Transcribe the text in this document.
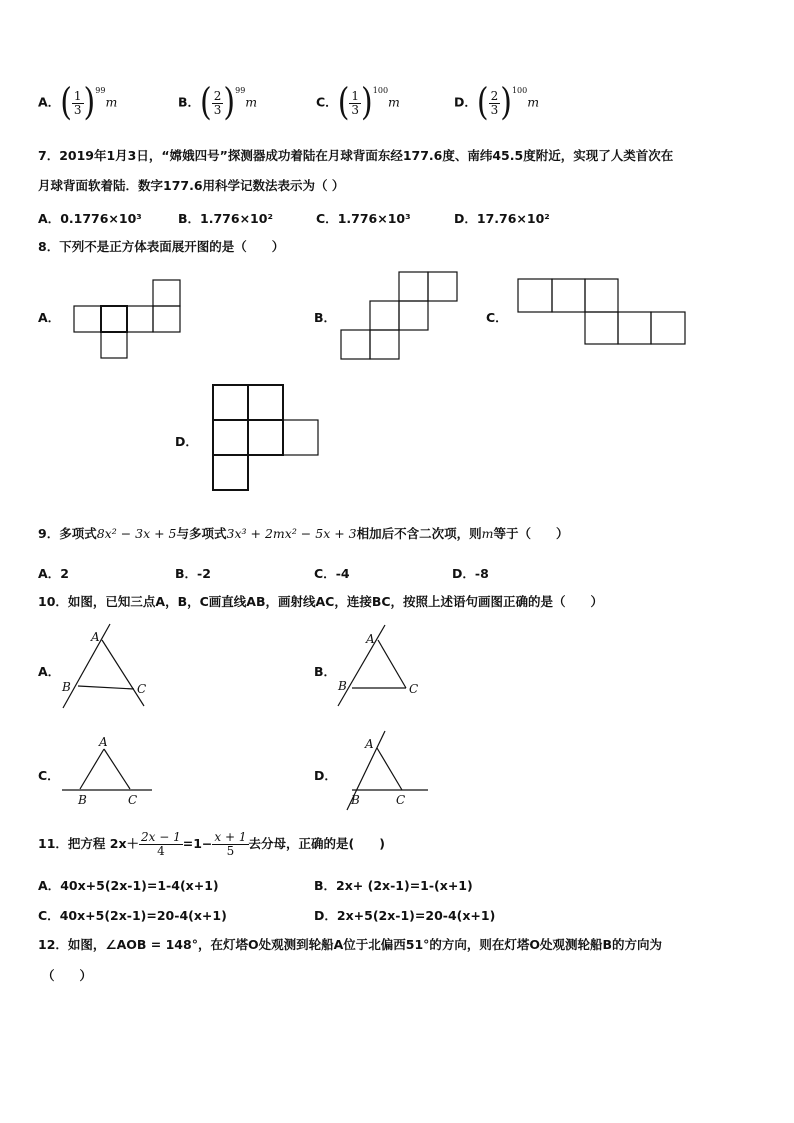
A．( $\frac{1}{3} )^{99}m$	B．( $\frac{2}{3} )^{99}m$	C．( $\frac{1}{3} )^{100}m$	D．( $\frac{2}{3} )^{100}m$
7．2019年1月3日，“嫦娥四号”探测器成功着陆在月球背面东经177.6度、南纬45.5度附近，实现了人类首次在
月球背面软着陆．数字177.6用科学记数法表示为（ ）
A．0.1776×10³	B．1.776×10²	C．1.776×10³	D．17.76×10²
8．下列不是正方体表面展开图的是（　　）
A．	B．	C．
D．
9．多项式8x² − 3x + 5与多项式3x³ + 2mx² − 5x + 3相加后不含二次项，则m等于（　　）
A．2	B．-2	C．-4	D．-8
10．如图，已知三点A，B，C画直线AB，画射线AC，连接BC，按照上述语句画图正确的是（　　）
A．	B．
C．	D．
A
B	C
A
B	C
A
B	C
A
B	C
11．把方程 $2x+ \frac{2x - 1}{4} =1- \frac{x + 1}{5}$ 去分母，正确的是(　　)
A．40x+5(2x-1)=1-4(x+1)	B．2x+ (2x-1)=1-(x+1)
C．40x+5(2x-1)=20-4(x+1)	D．2x+5(2x-1)=20-4(x+1)
12．如图，∠AOB = 148°，在灯塔O处观测到轮船A位于北偏西51°的方向，则在灯塔O处观测轮船B的方向为
（　　）
